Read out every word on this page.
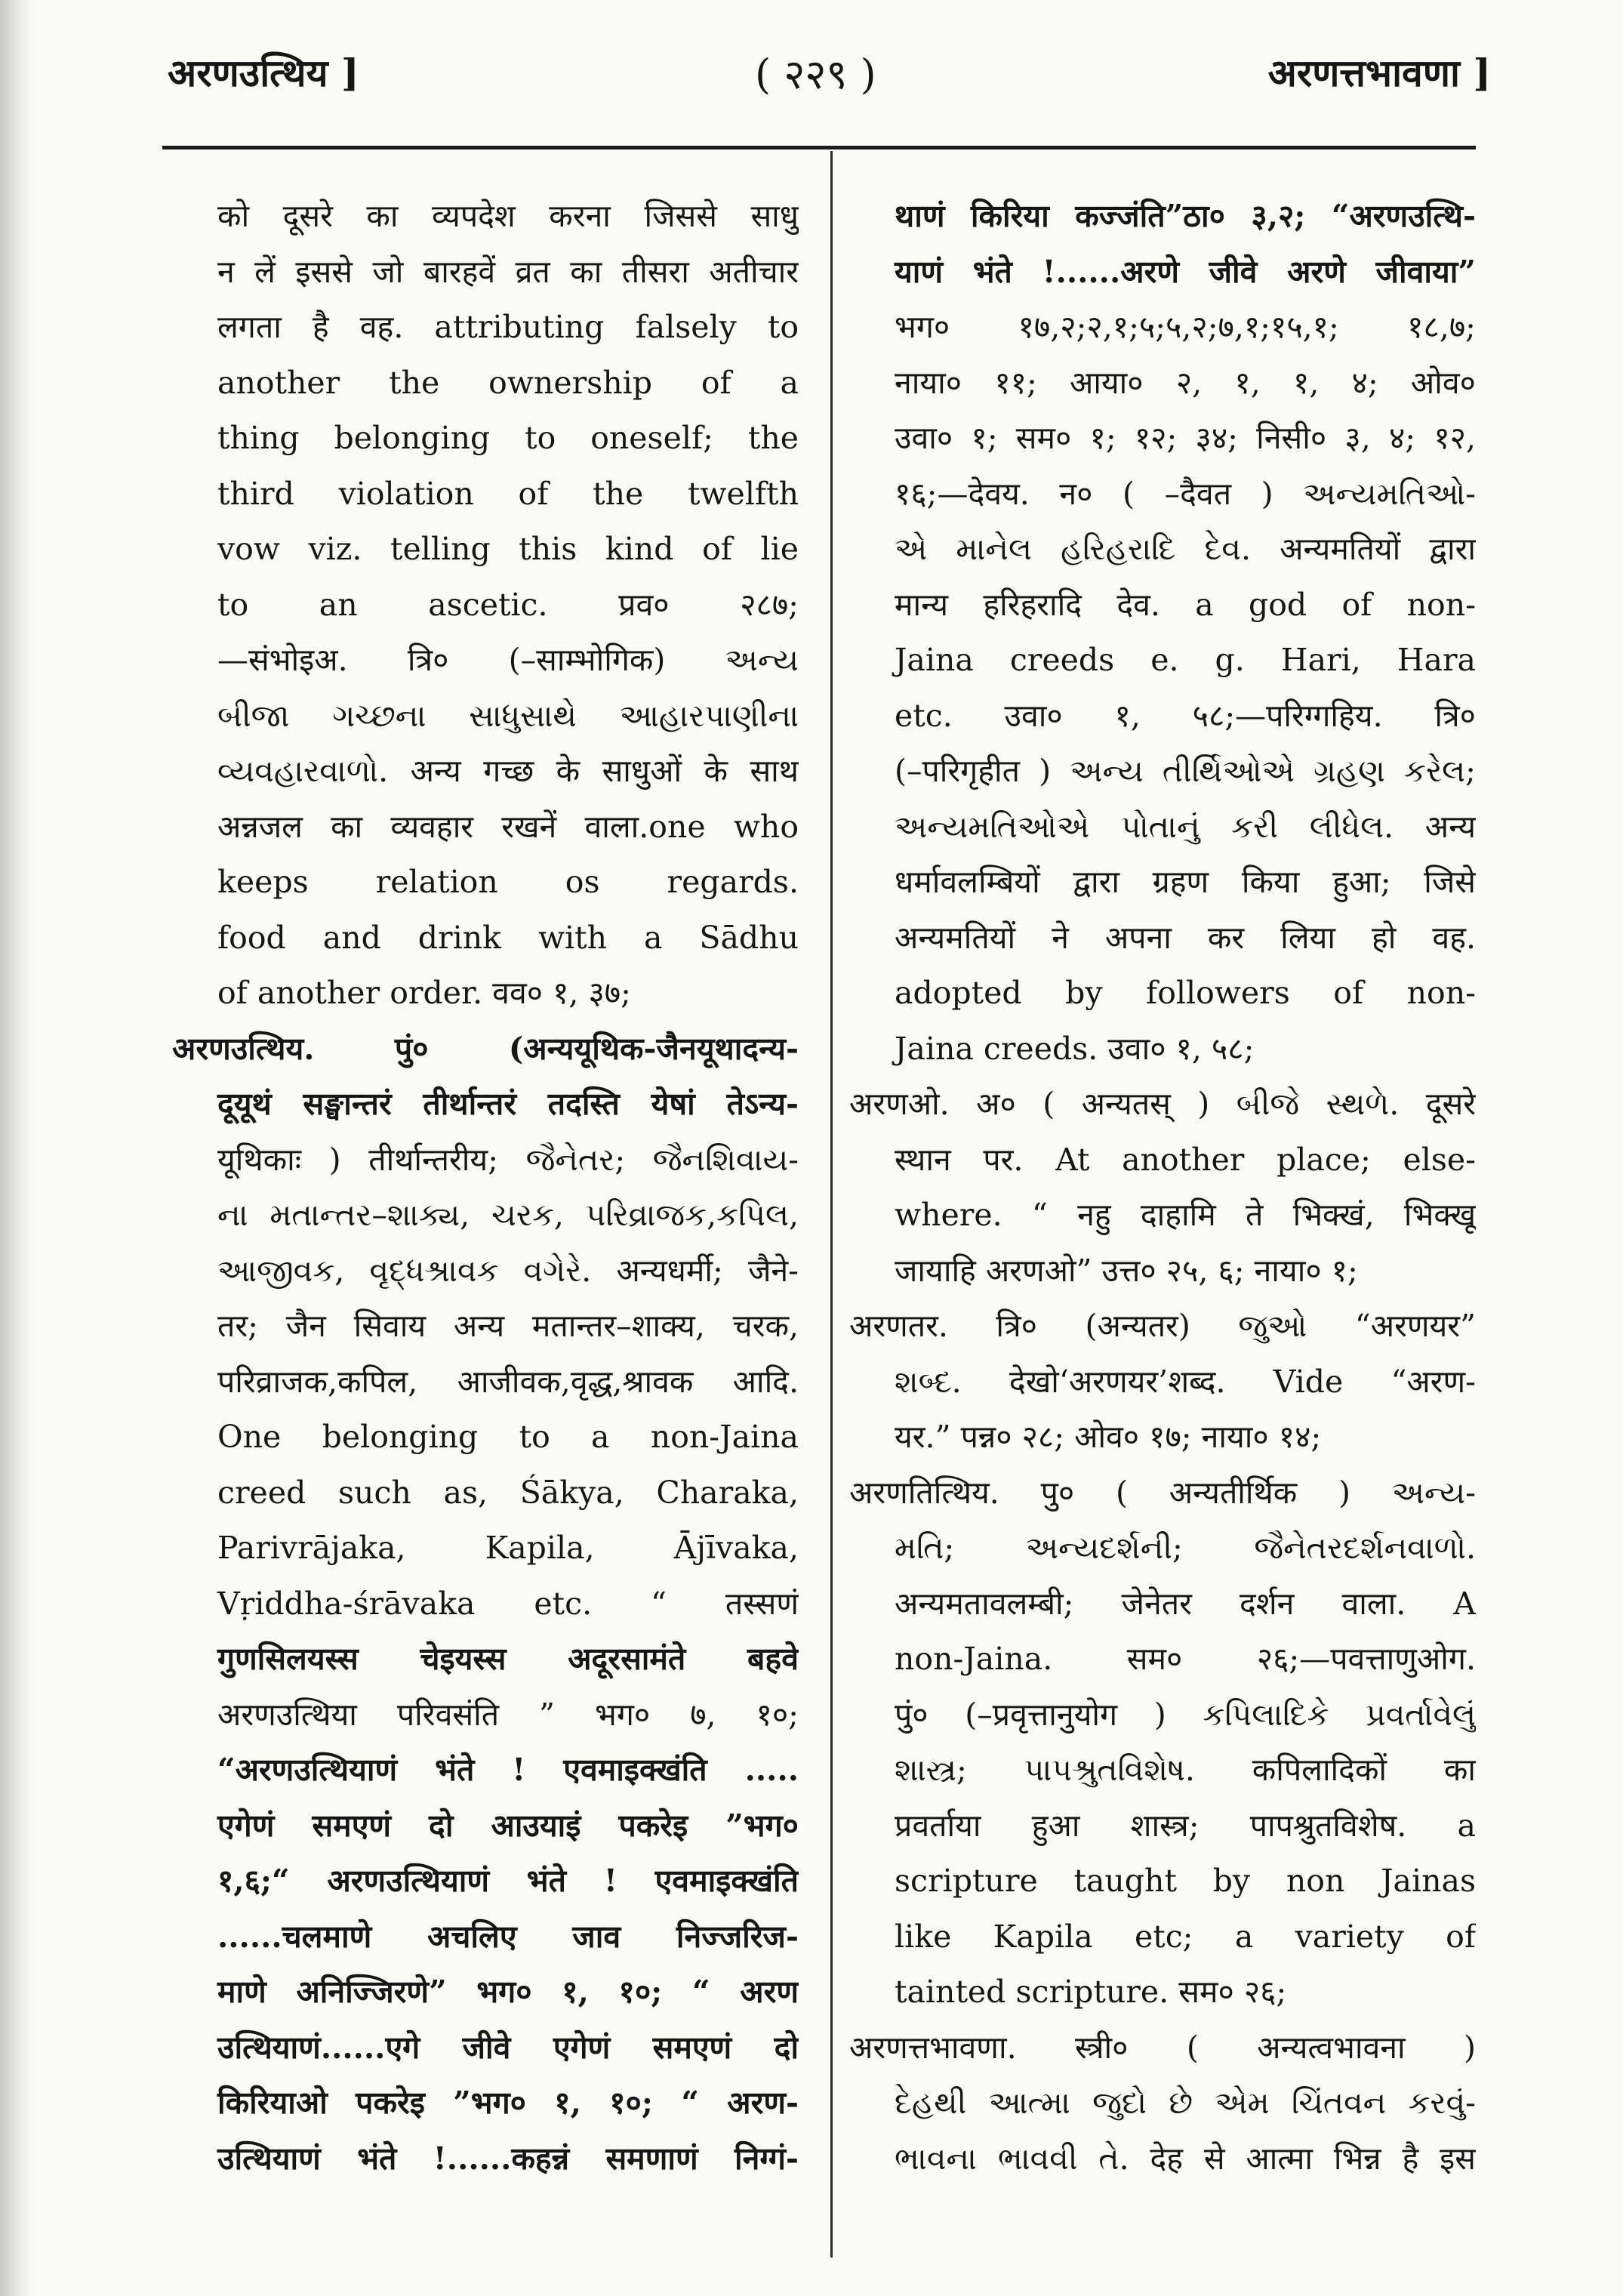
अरणउत्थिय ]	( २२९ )	अरणत्तभावणा ]
को दूसरे का व्यपदेश करना जिससे साधु
न लें इससे जो बारहवें व्रत का तीसरा अतीचार
लगता है वह. attributing falsely to
another the ownership of a
thing belonging to oneself; the
third violation of the twelfth
vow viz. telling this kind of lie
to an ascetic. प्रव० २८७;
—संभोइअ. त्रि० (–साम्भोगिक) અન્ય
બીજા ગચ્છના સાધુસાથે આહારપાણીના
વ્યવહારવાળો. अन्य गच्छ के साधुओं के साथ
अन्नजल का व्यवहार रखनें वाला.one who
keeps relation os regards.
food and drink with a Sādhu
of another order. वव० १, ३७;
अरणउत्थिय. पुं० (अन्ययूथिक-जैनयूथादन्य-
दूयूथं सङ्घान्तरं तीर्थान्तरं तदस्ति येषां तेऽन्य-
यूथिकाः ) तीर्थान्तरीय; જૈનેતર; જૈનશિવાય-
ના મતાન્તર–શાક્ય, ચરક, પરિવ્રાજક,કપિલ,
આજીવક, વૃદ્ધશ્રાવક વગેરે. अन्यधर्मी; जैने-
तर; जैन सिवाय अन्य मतान्तर–शाक्य, चरक,
परिव्राजक,कपिल, आजीवक,वृद्ध,श्रावक आदि.
One belonging to a non-Jaina
creed such as, Śākya, Charaka,
Parivrājaka, Kapila, Ājīvaka,
Vṛiddha-śrāvaka etc. “ तस्सणं
गुणसिलयस्स चेइयस्स अदूरसामंते बहवे
अरणउत्थिया परिवसंति ” भग० ७, १०;
“अरणउत्थियाणं भंते ! एवमाइक्खंति .....
एगेणं समएणं दो आउयाइं पकरेइ ”भग०
१,६;“ अरणउत्थियाणं भंते ! एवमाइक्खंति
......चलमाणे अचलिए जाव निज्जरिज-
माणे अनिज्जिरणे” भग० १, १०; “ अरण
उत्थियाणं......एगे जीवे एगेणं समएणं दो
किरियाओ पकरेइ ”भग० १, १०; “ अरण-
उत्थियाणं भंते !......कहन्नं समणाणं निग्गं-
थाणं किरिया कज्जंति”ठा० ३,२; “अरणउत्थि-
याणं भंते !......अरणे जीवे अरणे जीवाया”
भग० १७,२;२,१;५;५,२;७,१;१५,१; १८,७;
नाया० ११; आया० २, १, १, ४; ओव०
उवा० १; सम० १; १२; ३४; निसी० ३, ४; १२,
१६;—देवय. न० ( –दैवत ) અન્યમતિઓ-
એ માનેલ હરિહરાદિ દેવ. अन्यमतियों द्वारा
मान्य हरिहरादि देव. a god of non-
Jaina creeds e. g. Hari, Hara
etc. उवा० १, ५८;—परिग्गहिय. त्रि०
(–परिगृहीत ) અન્ય તીર્થિઓએ ગ્રહણ કરેલ;
અન્યમતિઓએ પોતાનું કરી લીધેલ. अन्य
धर्मावलम्बियों द्वारा ग्रहण किया हुआ; जिसे
अन्यमतियों ने अपना कर लिया हो वह.
adopted by followers of non-
Jaina creeds. उवा० १, ५८;
अरणओ. अ० ( अन्यतस् ) બીજે સ્થળે. दूसरे
स्थान पर. At another place; else-
where. “ नहु दाहामि ते भिक्खं, भिक्खू
जायाहि अरणओ” उत्त० २५, ६; नाया० १;
अरणतर. त्रि० (अन्यतर) જુઓ “अरणयर”
શબ્દ. देखो‘अरणयर’शब्द. Vide “अरण-
यर.” पन्न० २८; ओव० १७; नाया० १४;
अरणतित्थिय. पु० ( अन्यतीर्थिक ) અન્ય-
મતિ; અન્યદર્શની; જૈનેતરદર્શનવાળો.
अन्यमतावलम्बी; जेनेतर दर्शन वाला. A
non-Jaina. सम० २६;—पवत्ताणुओग.
पुं० (–प्रवृत्तानुयोग ) કપિલાદિકે પ્રવર્તાવેલું
શાસ્ત્ર; પાપશ્રુતવિશેષ. कपिलादिकों का
प्रवर्ताया हुआ शास्त्र; पापश्रुतविशेष. a
scripture taught by non Jainas
like Kapila etc; a variety of
tainted scripture. सम० २६;
अरणत्तभावणा. स्त्री० ( अन्यत्वभावना )
દેહથી આત્મા જુદો છે એમ ચિંતવન કરવું-
ભાવના ભાવવી તે. देह से आत्मा भिन्न है इस
